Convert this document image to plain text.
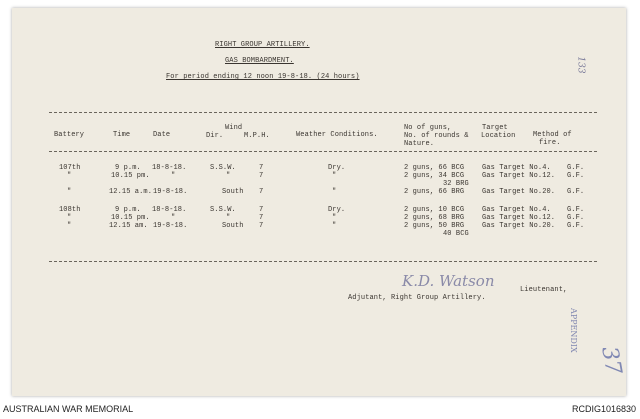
RIGHT GROUP ARTILLERY.
GAS BOMBARDMENT.
For period ending 12 noon 19-8-18. (24 hours)
133
Battery	Time	Date
Wind
Dir.	M.P.H.	Weather Conditions.
No of guns,
No. of rounds &
Nature.
Target
Location	Method of
fire.
107th	9 p.m. 18-8-18.	S.S.W.	7	Dry.	2 guns, 66 BCG	Gas Target No.4. G.F.
"	10.15 pm.	"	"	7	"	2 guns, 34 BCG	Gas Target No.12. G.F.
32 BRG
"	12.15 a.m. 19-8-18.	South 7	"	2 guns, 66 BRG	Gas Target No.20. G.F.
108th	9 p.m. 18-8-18.	S.S.W.	7	Dry.	2 guns, 10 BCG	Gas Target No.4. G.F.
"	10.15 pm.	"	"	7	"	2 guns, 68 BRG	Gas Target No.12. G.F.
"	12.15 am. 19-8-18.	South 7	"	2 guns, 50 BRG	Gas Target No.20. G.F.
40 BCG
K.D. Watson	Lieutenant,
Adjutant, Right Group Artillery.
APPENDIX
37
AUSTRALIAN WAR MEMORIAL	RCDIG1016830
